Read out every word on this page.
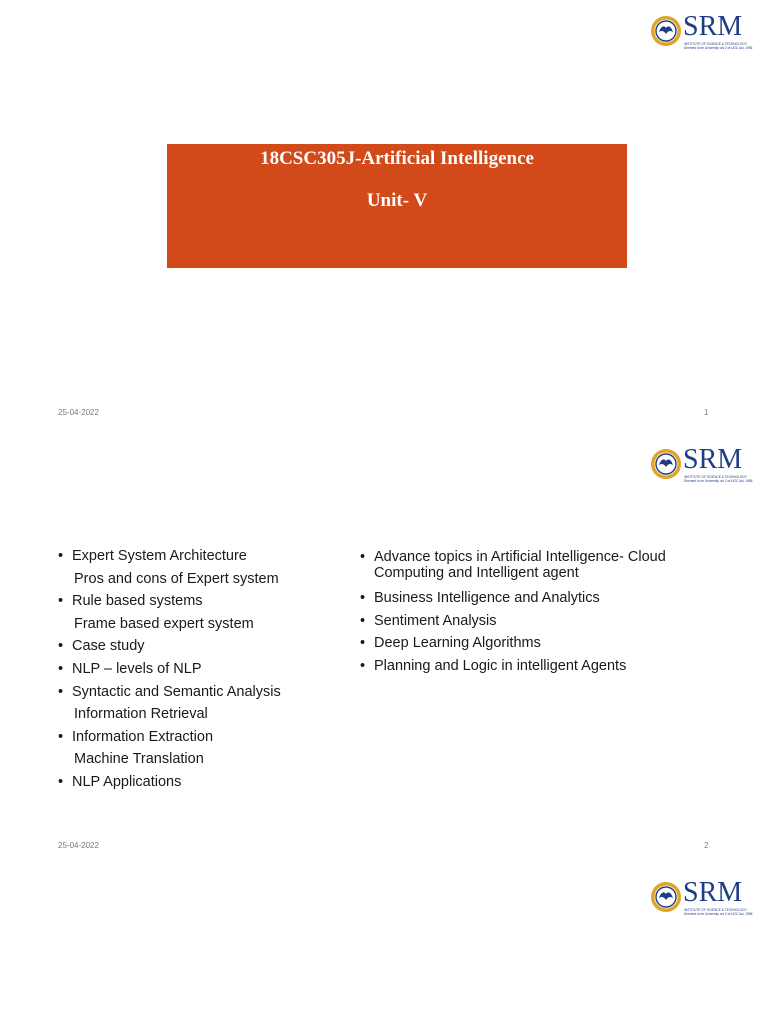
SRM
INSTITUTE OF SCIENCE & TECHNOLOGY
Deemed to be University u/s 3 of UGC Act, 1956
18CSC305J-Artificial Intelligence
Unit- V
25-04-2022	1
SRM
INSTITUTE OF SCIENCE & TECHNOLOGY
Deemed to be University u/s 3 of UGC Act, 1956
• Expert System Architecture
Pros and cons of Expert system
• Rule based systems
Frame based expert system
• Case study
• NLP – levels of NLP
• Syntactic and Semantic Analysis
Information Retrieval
• Information Extraction
Machine Translation
• NLP Applications
• Advance topics in Artificial Intelligence- Cloud
Computing and Intelligent agent
• Business Intelligence and Analytics
• Sentiment Analysis
• Deep Learning Algorithms
• Planning and Logic in intelligent Agents
25-04-2022	2
SRM
INSTITUTE OF SCIENCE & TECHNOLOGY
Deemed to be University u/s 3 of UGC Act, 1956
